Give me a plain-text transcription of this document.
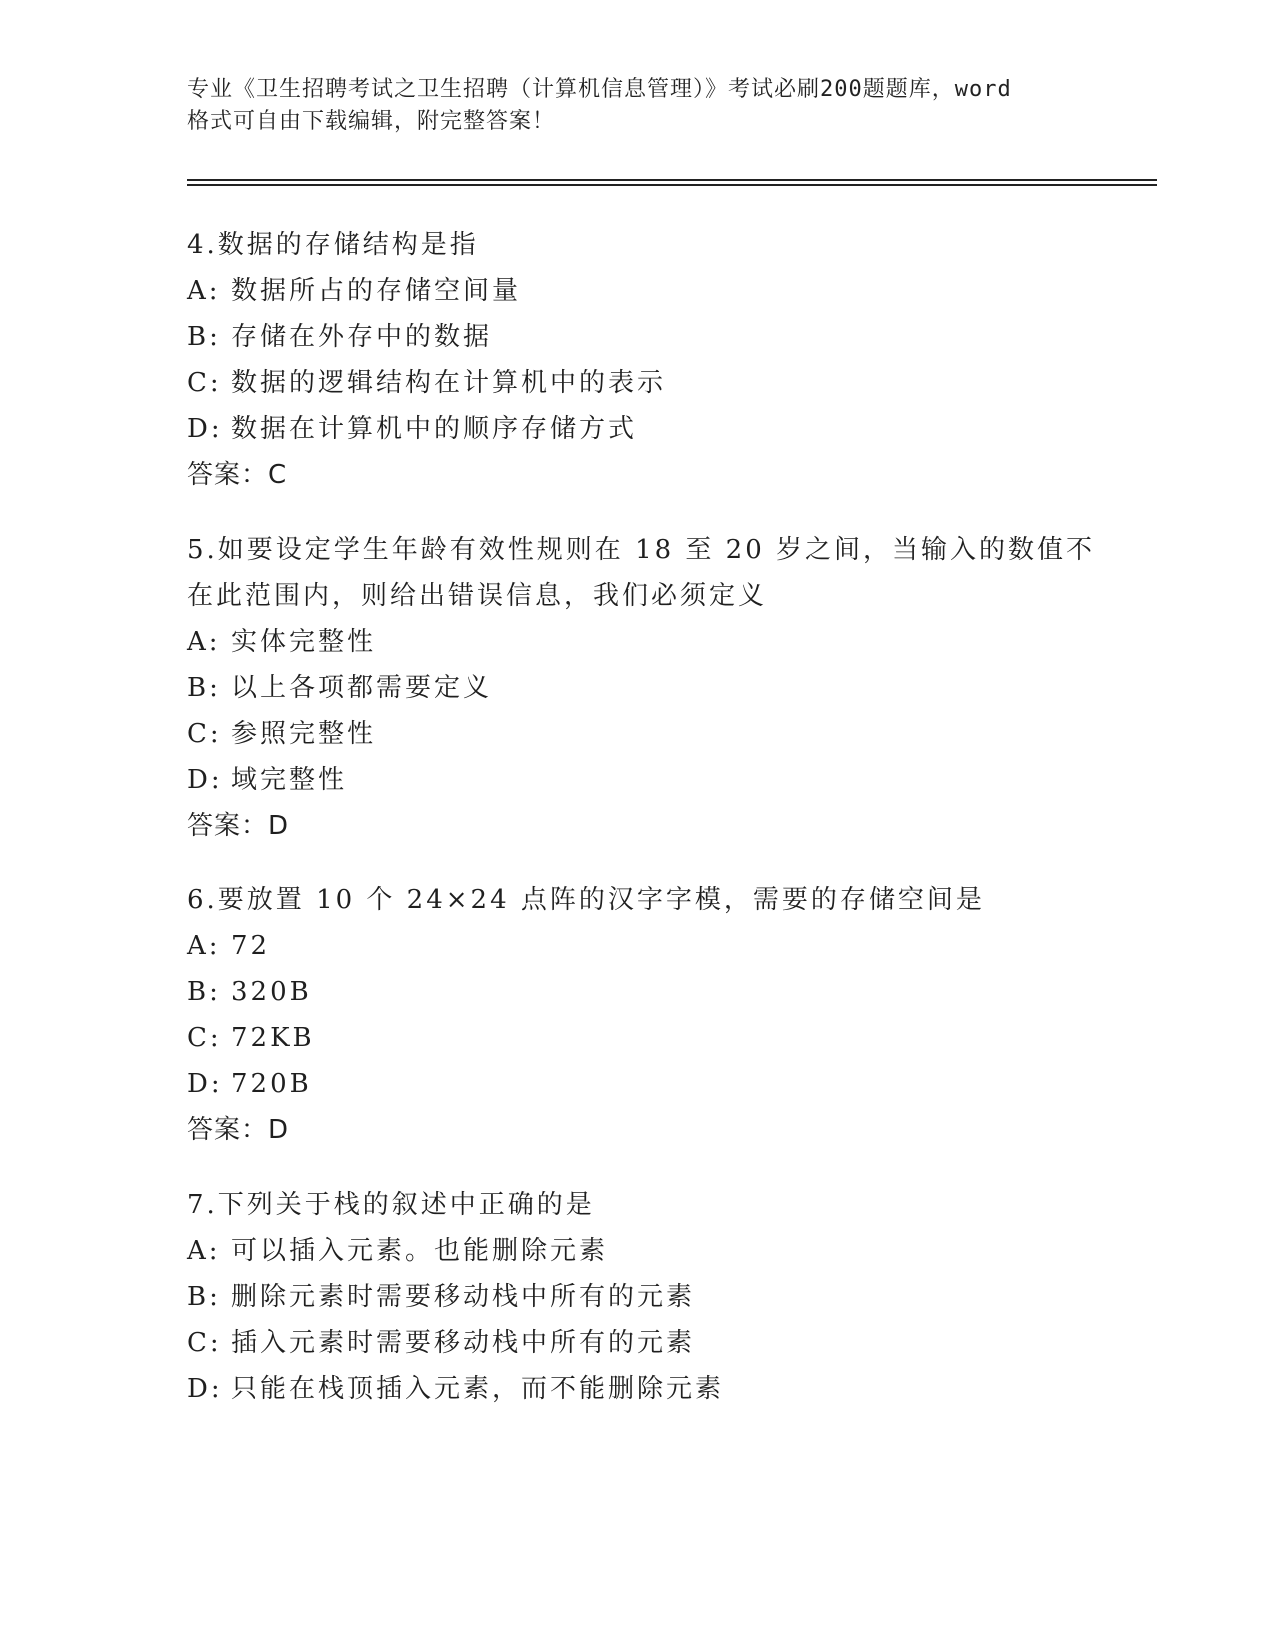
专业《卫生招聘考试之卫生招聘（计算机信息管理）》考试必刷200题题库，word
格式可自由下载编辑，附完整答案！
4.数据的存储结构是指
A: 数据所占的存储空间量
B: 存储在外存中的数据
C: 数据的逻辑结构在计算机中的表示
D: 数据在计算机中的顺序存储方式
答案：C
5.如要设定学生年龄有效性规则在 18 至 20 岁之间，当输入的数值不
在此范围内，则给出错误信息，我们必须定义
A: 实体完整性
B: 以上各项都需要定义
C: 参照完整性
D: 域完整性
答案：D
6.要放置 10 个 24×24 点阵的汉字字模，需要的存储空间是
A: 72
B: 320B
C: 72KB
D: 720B
答案：D
7.下列关于栈的叙述中正确的是
A: 可以插入元素。也能删除元素
B: 删除元素时需要移动栈中所有的元素
C: 插入元素时需要移动栈中所有的元素
D: 只能在栈顶插入元素，而不能删除元素
